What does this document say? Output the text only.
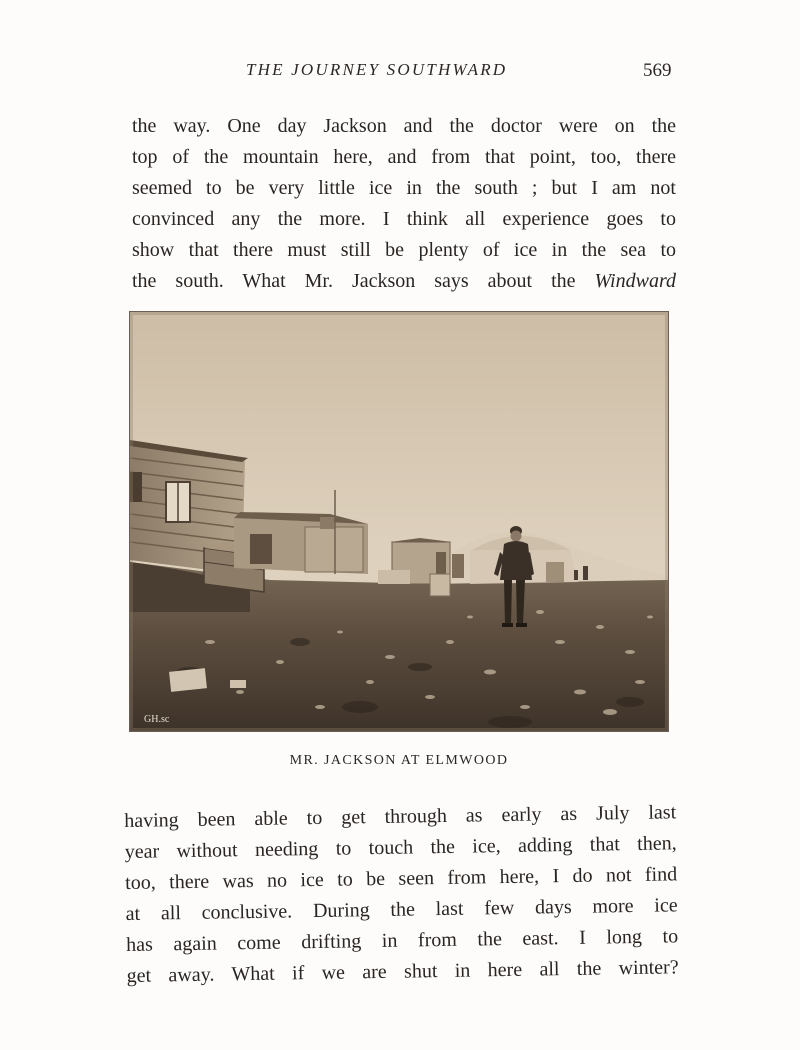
THE JOURNEY SOUTHWARD	569
the way. One day Jackson and the doctor were on the
top of the mountain here, and from that point, too, there
seemed to be very little ice in the south ; but I am not
convinced any the more. I think all experience goes to
show that there must still be plenty of ice in the sea to
the south. What Mr. Jackson says about the Windward
GH.sc
MR. JACKSON AT ELMWOOD
having been able to get through as early as July last
year without needing to touch the ice, adding that then,
too, there was no ice to be seen from here, I do not find
at all conclusive. During the last few days more ice
has again come drifting in from the east. I long to
get away. What if we are shut in here all the winter?
